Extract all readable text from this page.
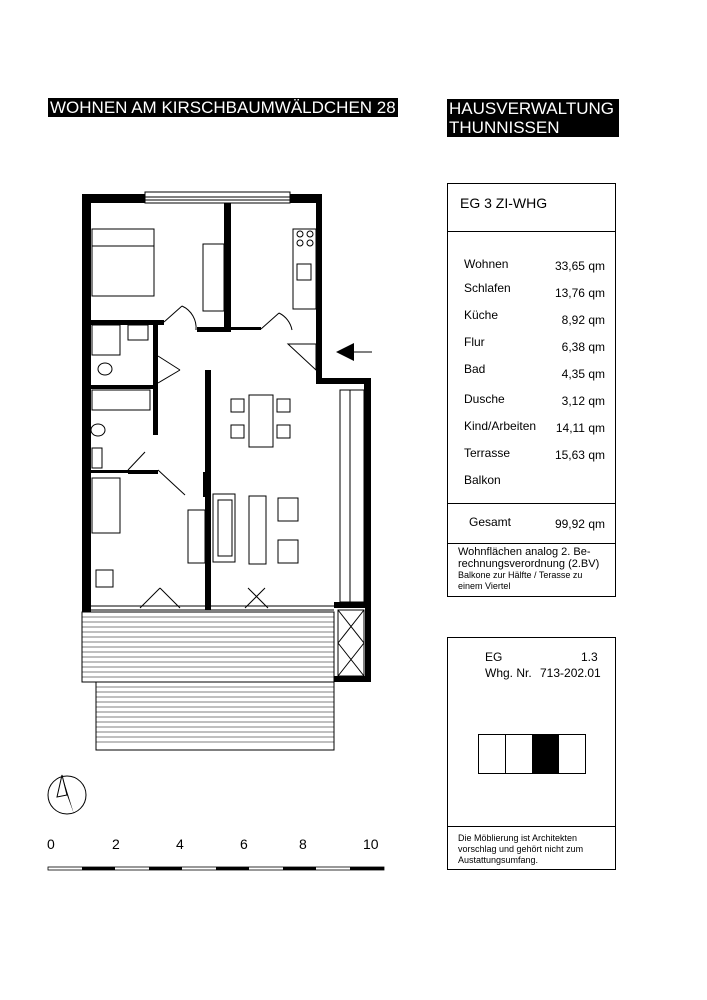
WOHNEN AM KIRSCHBAUMWÄLDCHEN 28	HAUSVERWALTUNG
THUNNISSEN
EG 3 ZI-WHG
Wohnen	33,65 qm
Schlafen	13,76 qm
Küche	8,92 qm
Flur	6,38 qm
Bad	4,35 qm
Dusche	3,12 qm
Kind/Arbeiten 14,11 qm
Terrasse	15,63 qm
Balkon
Gesamt	99,92 qm
Wohnflächen analog 2. Be-
rechnungsverordnung (2.BV)
Balkone zur Hälfte / Terasse zu
einem Viertel
EG	1.3
Whg. Nr. 713-202.01
Die Möblierung ist Architekten
vorschlag und gehört nicht zum
Austattungsumfang.
0	2	4	6	8	10
